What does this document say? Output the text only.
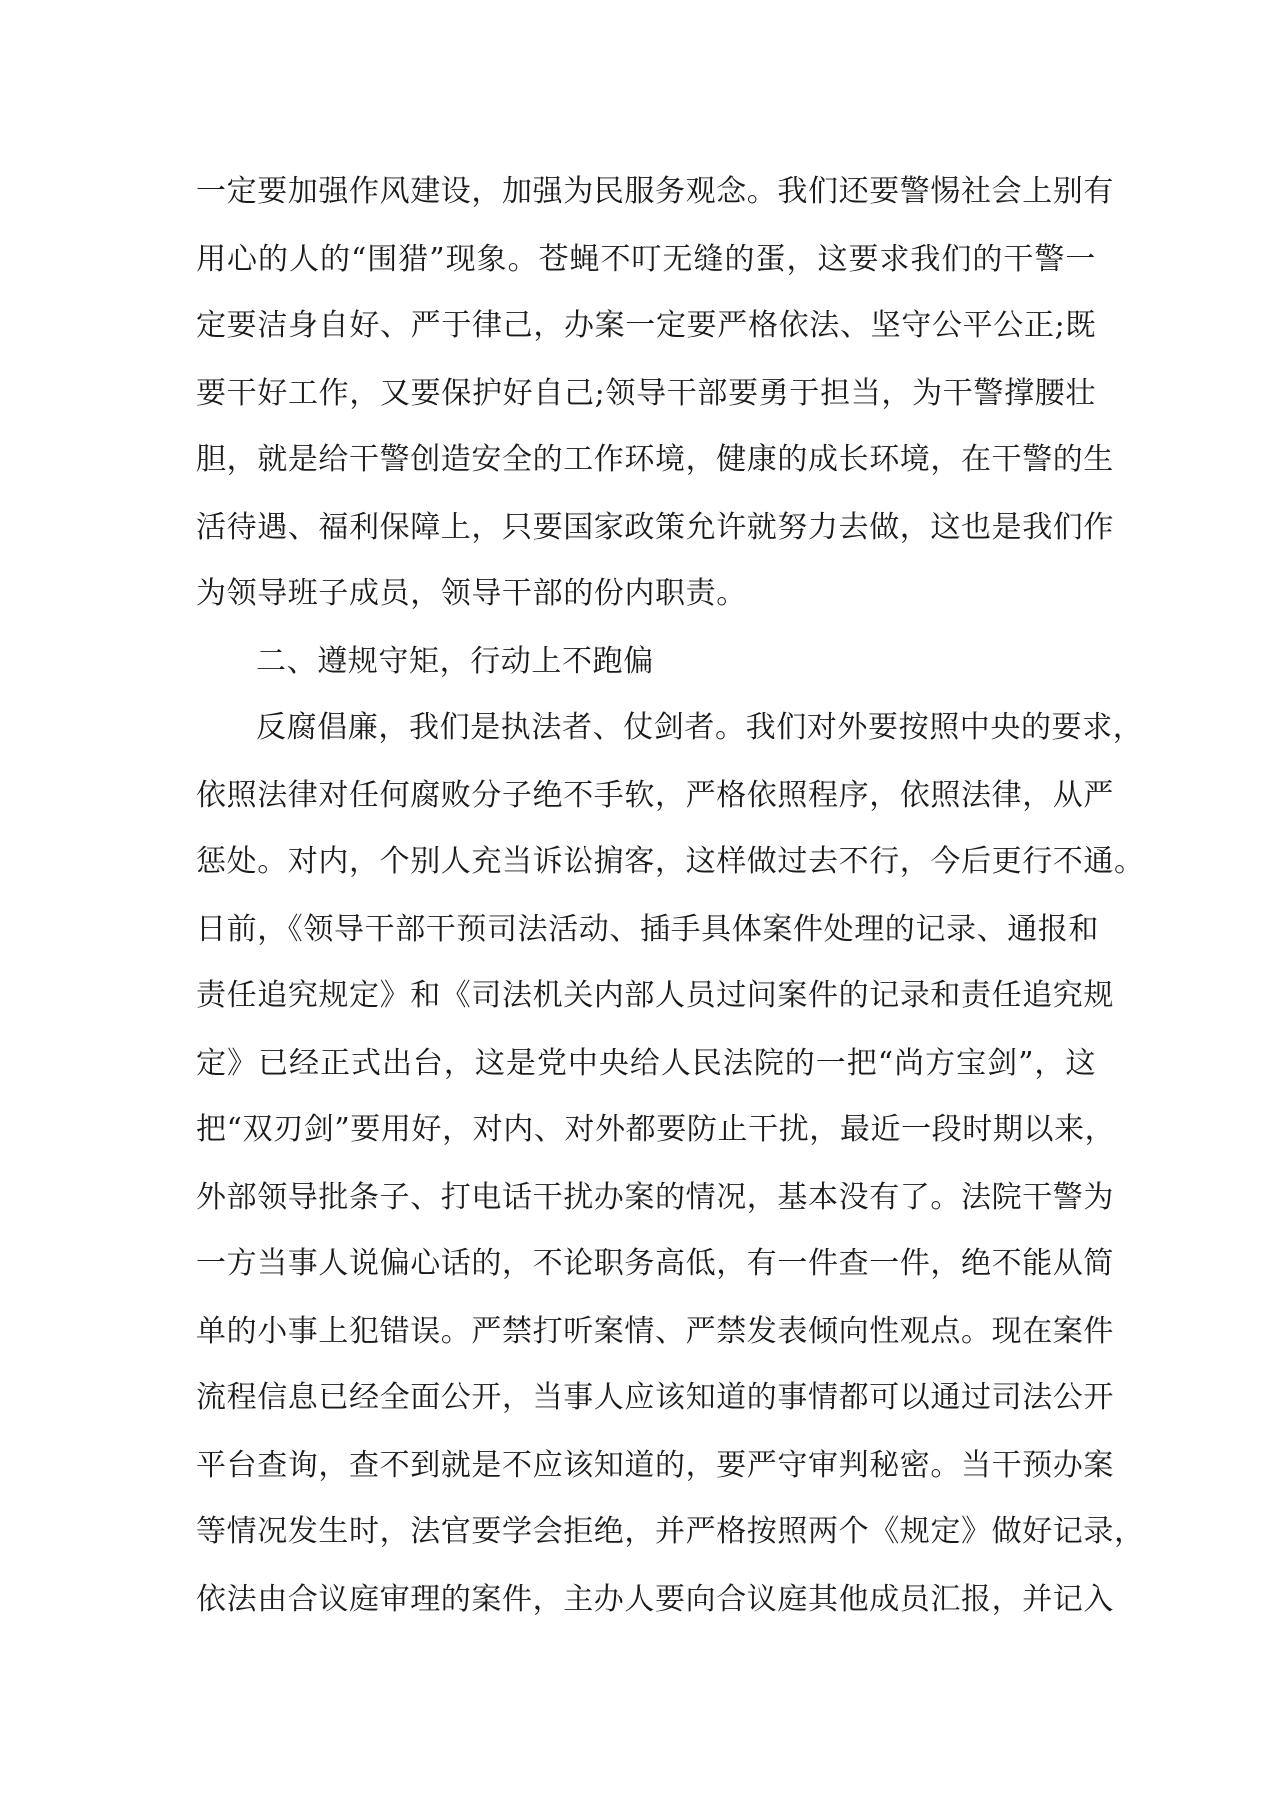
一定要加强作风建设，加强为民服务观念。我们还要警惕社会上别有
用心的人的“围猎”现象。苍蝇不叮无缝的蛋，这要求我们的干警一
定要洁身自好、严于律己，办案一定要严格依法、坚守公平公正;既
要干好工作，又要保护好自己;领导干部要勇于担当，为干警撑腰壮
胆，就是给干警创造安全的工作环境，健康的成长环境，在干警的生
活待遇、福利保障上，只要国家政策允许就努力去做，这也是我们作
为领导班子成员，领导干部的份内职责。
二、遵规守矩，行动上不跑偏
反腐倡廉，我们是执法者、仗剑者。我们对外要按照中央的要求，
依照法律对任何腐败分子绝不手软，严格依照程序，依照法律，从严
惩处。对内，个别人充当诉讼掮客，这样做过去不行，今后更行不通。
日前，《领导干部干预司法活动、插手具体案件处理的记录、通报和
责任追究规定》和《司法机关内部人员过问案件的记录和责任追究规
定》已经正式出台，这是党中央给人民法院的一把“尚方宝剑”，这
把“双刃剑”要用好，对内、对外都要防止干扰，最近一段时期以来，
外部领导批条子、打电话干扰办案的情况，基本没有了。法院干警为
一方当事人说偏心话的，不论职务高低，有一件查一件，绝不能从简
单的小事上犯错误。严禁打听案情、严禁发表倾向性观点。现在案件
流程信息已经全面公开，当事人应该知道的事情都可以通过司法公开
平台查询，查不到就是不应该知道的，要严守审判秘密。当干预办案
等情况发生时，法官要学会拒绝，并严格按照两个《规定》做好记录，
依法由合议庭审理的案件，主办人要向合议庭其他成员汇报，并记入
